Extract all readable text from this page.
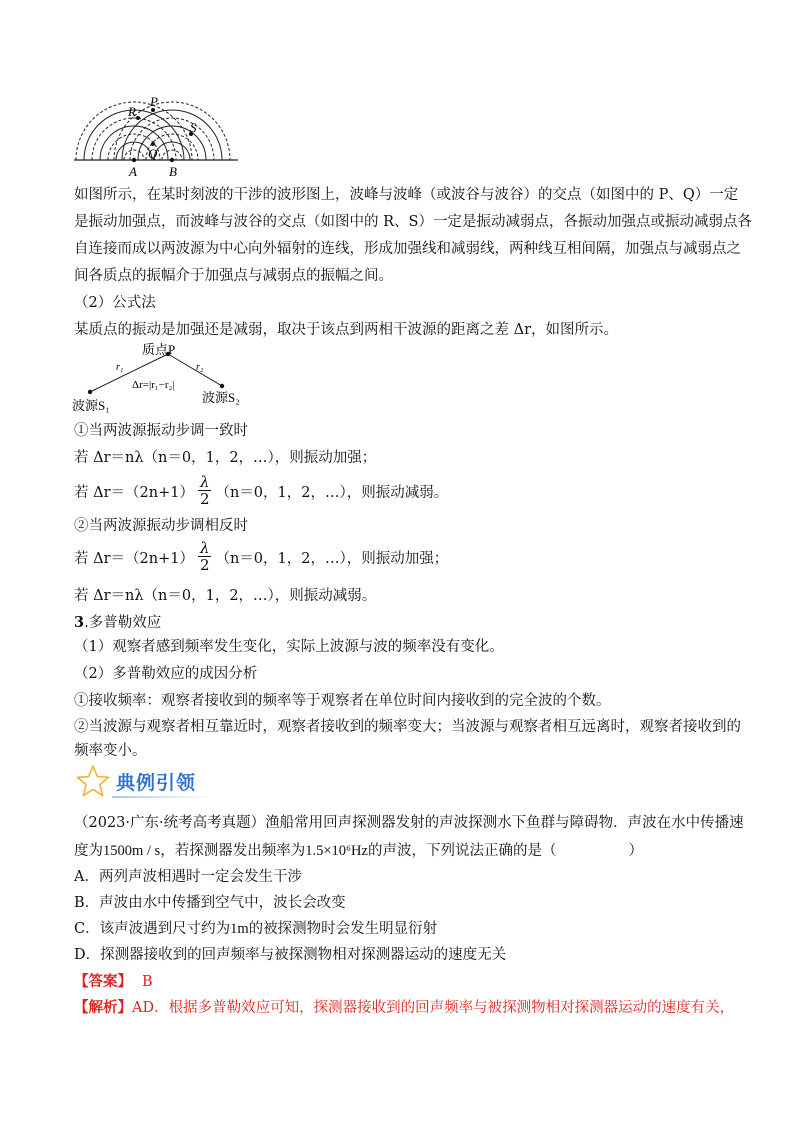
P
R
S
Q
A B
如图所示，在某时刻波的干涉的波形图上，波峰与波峰（或波谷与波谷）的交点（如图中的 P、Q）一定
是振动加强点，而波峰与波谷的交点（如图中的 R、S）一定是振动减弱点，各振动加强点或振动减弱点各
自连接而成以两波源为中心向外辐射的连线，形成加强线和减弱线，两种线互相间隔，加强点与减弱点之
间各质点的振幅介于加强点与减弱点的振幅之间。
（2）公式法
某质点的振动是加强还是减弱，取决于该点到两相干波源的距离之差 Δr，如图所示。
质点P
r₁	r₂
Δr=|r₁−r₂|
波源S₁
波源S₂
①当两波源振动步调一致时
若 Δr＝nλ（n＝0，1，2，…），则振动加强；
若 $\Delta r=(2n+1) \frac{\lambda}{2} (n=0$，1，2，…），则振动减弱。
②当两波源振动步调相反时
若 $\Delta r=(2n+1) \frac{\lambda}{2} (n=0$，1，2，…），则振动加强；
若 Δr＝nλ（n＝0，1，2，…），则振动减弱。
3.多普勒效应
（1）观察者感到频率发生变化，实际上波源与波的频率没有变化。
（2）多普勒效应的成因分析
①接收频率：观察者接收到的频率等于观察者在单位时间内接收到的完全波的个数。
②当波源与观察者相互靠近时，观察者接收到的频率变大；当波源与观察者相互远离时，观察者接收到的
频率变小。
典例引领
（2023·广东·统考高考真题）渔船常用回声探测器发射的声波探测水下鱼群与障碍物．声波在水中传播速
度为1500m / s，若探测器发出频率为1.5×10⁶Hz的声波，下列说法正确的是（	）
A．两列声波相遇时一定会发生干涉
B．声波由水中传播到空气中，波长会改变
C．该声波遇到尺寸约为1m的被探测物时会发生明显衍射
D．探测器接收到的回声频率与被探测物相对探测器运动的速度无关
【答案】 B
【解析】AD．根据多普勒效应可知，探测器接收到的回声频率与被探测物相对探测器运动的速度有关，
